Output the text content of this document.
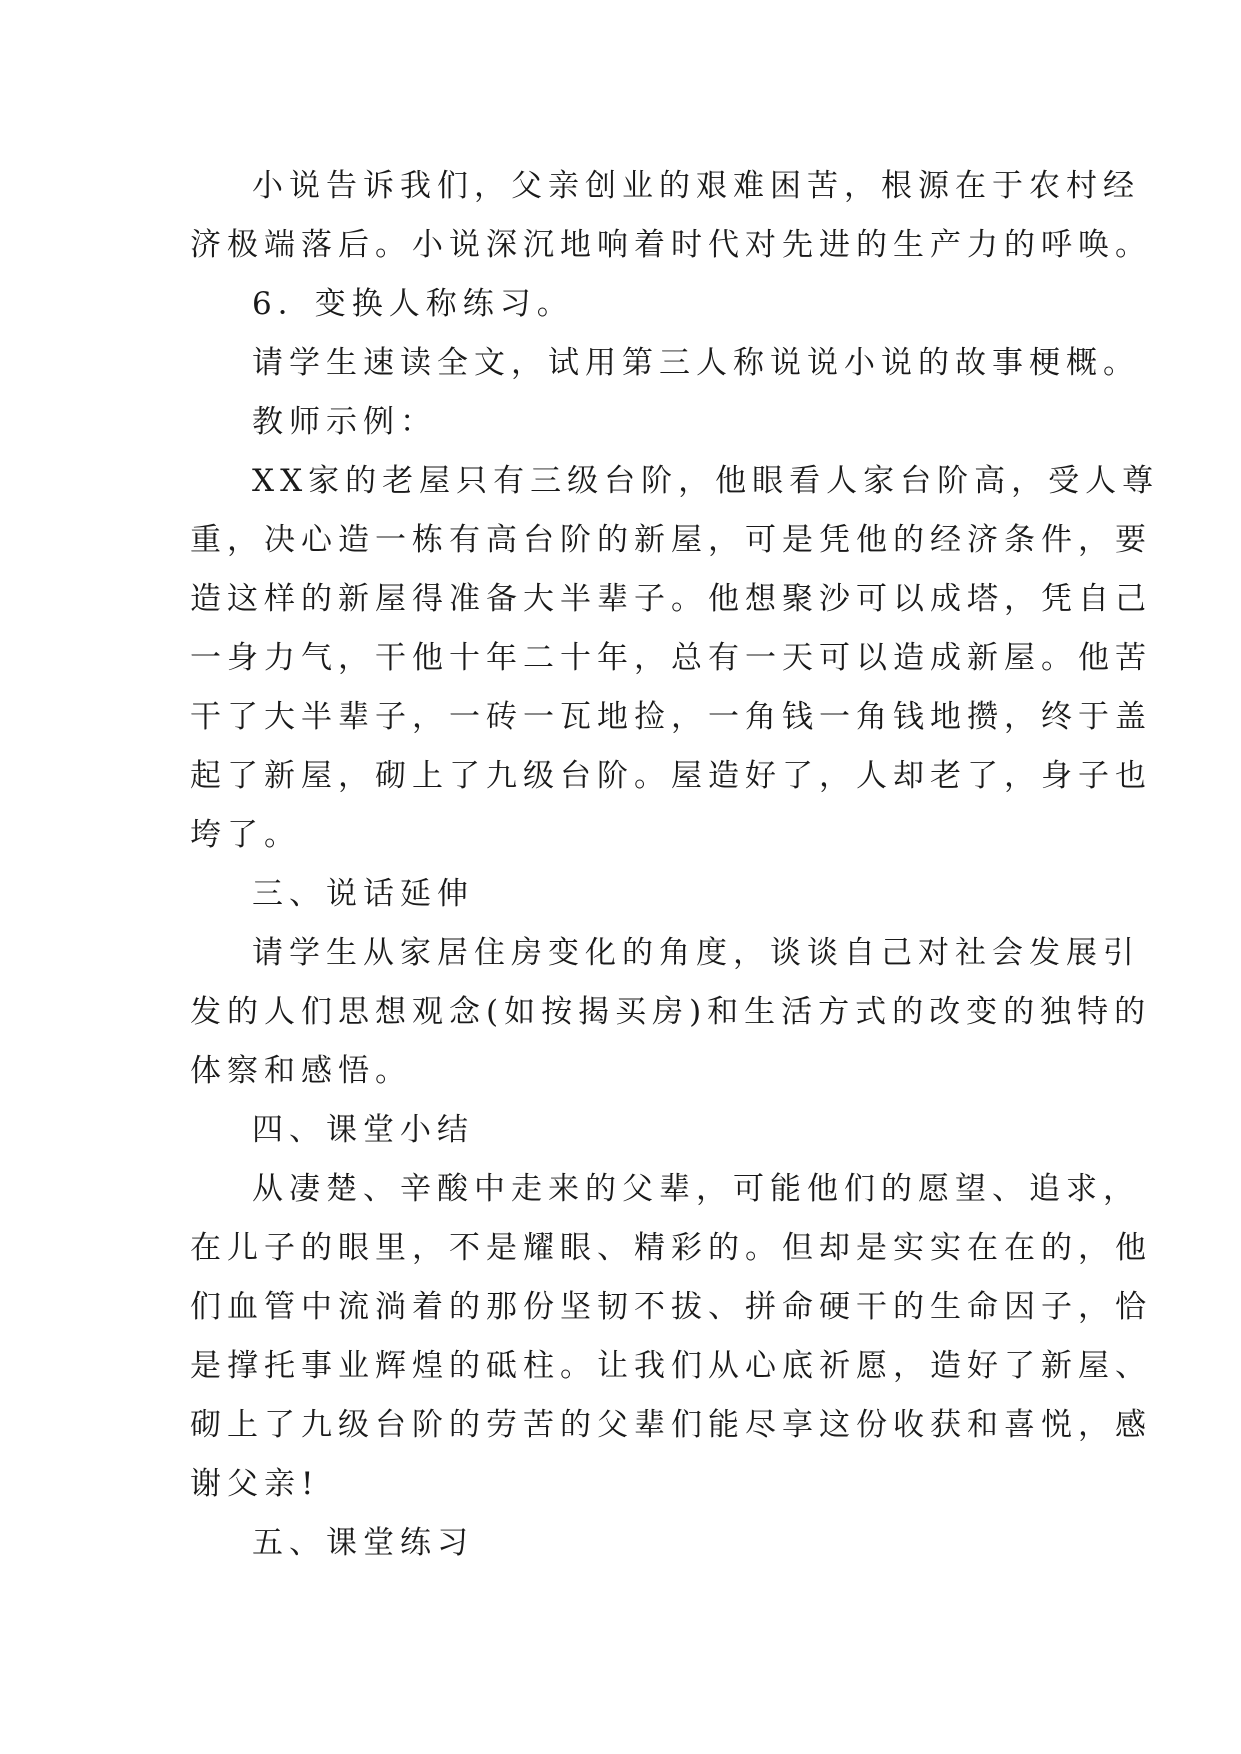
小说告诉我们，父亲创业的艰难困苦，根源在于农村经
济极端落后。小说深沉地响着时代对先进的生产力的呼唤。
6．变换人称练习。
请学生速读全文，试用第三人称说说小说的故事梗概。
教师示例：
XX家的老屋只有三级台阶，他眼看人家台阶高，受人尊
重，决心造一栋有高台阶的新屋，可是凭他的经济条件，要
造这样的新屋得准备大半辈子。他想聚沙可以成塔，凭自己
一身力气，干他十年二十年，总有一天可以造成新屋。他苦
干了大半辈子，一砖一瓦地捡，一角钱一角钱地攒，终于盖
起了新屋，砌上了九级台阶。屋造好了，人却老了，身子也
垮了。
三、说话延伸
请学生从家居住房变化的角度，谈谈自己对社会发展引
发的人们思想观念(如按揭买房)和生活方式的改变的独特的
体察和感悟。
四、课堂小结
从凄楚、辛酸中走来的父辈，可能他们的愿望、追求，
在儿子的眼里，不是耀眼、精彩的。但却是实实在在的，他
们血管中流淌着的那份坚韧不拔、拼命硬干的生命因子，恰
是撑托事业辉煌的砥柱。让我们从心底祈愿，造好了新屋、
砌上了九级台阶的劳苦的父辈们能尽享这份收获和喜悦，感
谢父亲!
五、课堂练习
